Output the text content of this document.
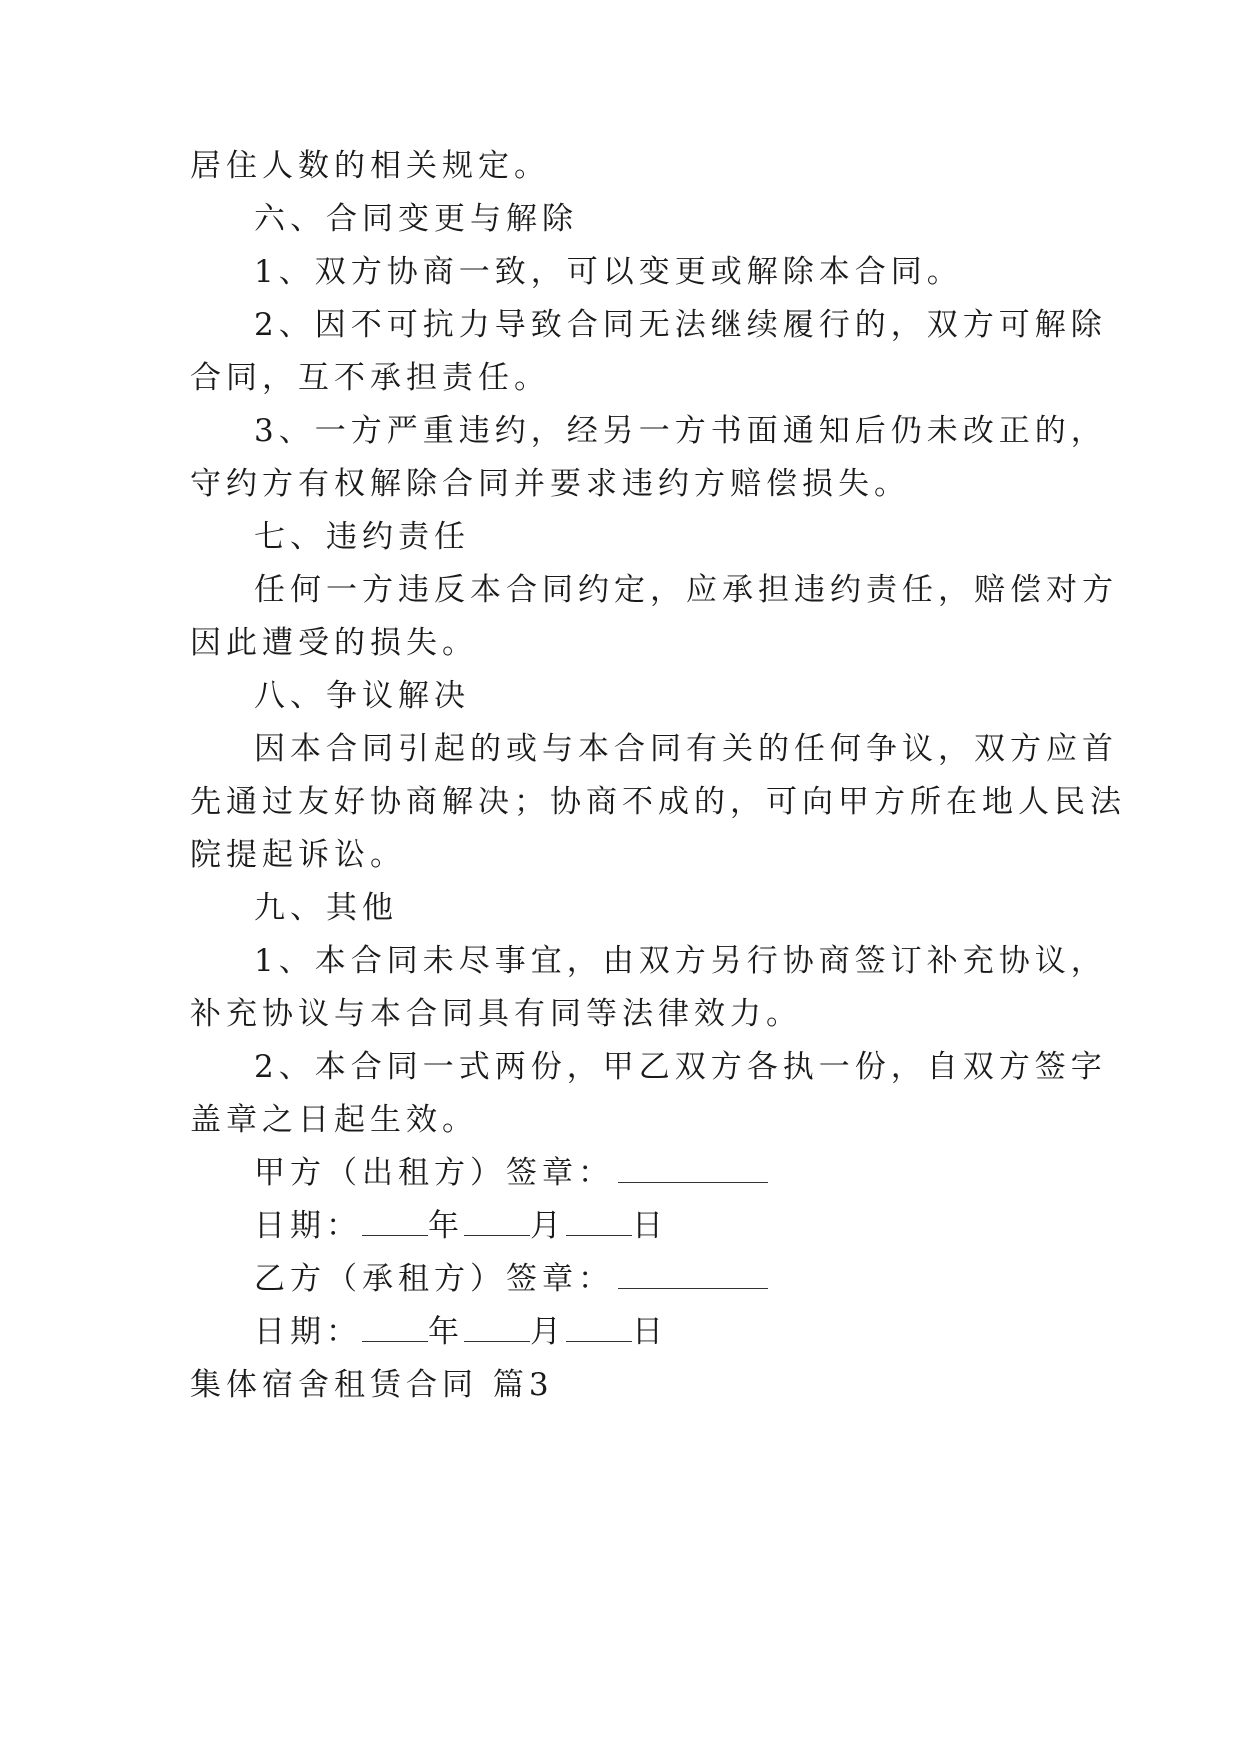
居住人数的相关规定。
六、合同变更与解除
1、双方协商一致，可以变更或解除本合同。
2、因不可抗力导致合同无法继续履行的，双方可解除
合同，互不承担责任。
3、一方严重违约，经另一方书面通知后仍未改正的，
守约方有权解除合同并要求违约方赔偿损失。
七、违约责任
任何一方违反本合同约定，应承担违约责任，赔偿对方
因此遭受的损失。
八、争议解决
因本合同引起的或与本合同有关的任何争议，双方应首
先通过友好协商解决；协商不成的，可向甲方所在地人民法
院提起诉讼。
九、其他
1、本合同未尽事宜，由双方另行协商签订补充协议，
补充协议与本合同具有同等法律效力。
2、本合同一式两份，甲乙双方各执一份，自双方签字
盖章之日起生效。
甲方（出租方）签章：
日期： 年 月 日
乙方（承租方）签章：
日期： 年 月 日
集体宿舍租赁合同 篇3
